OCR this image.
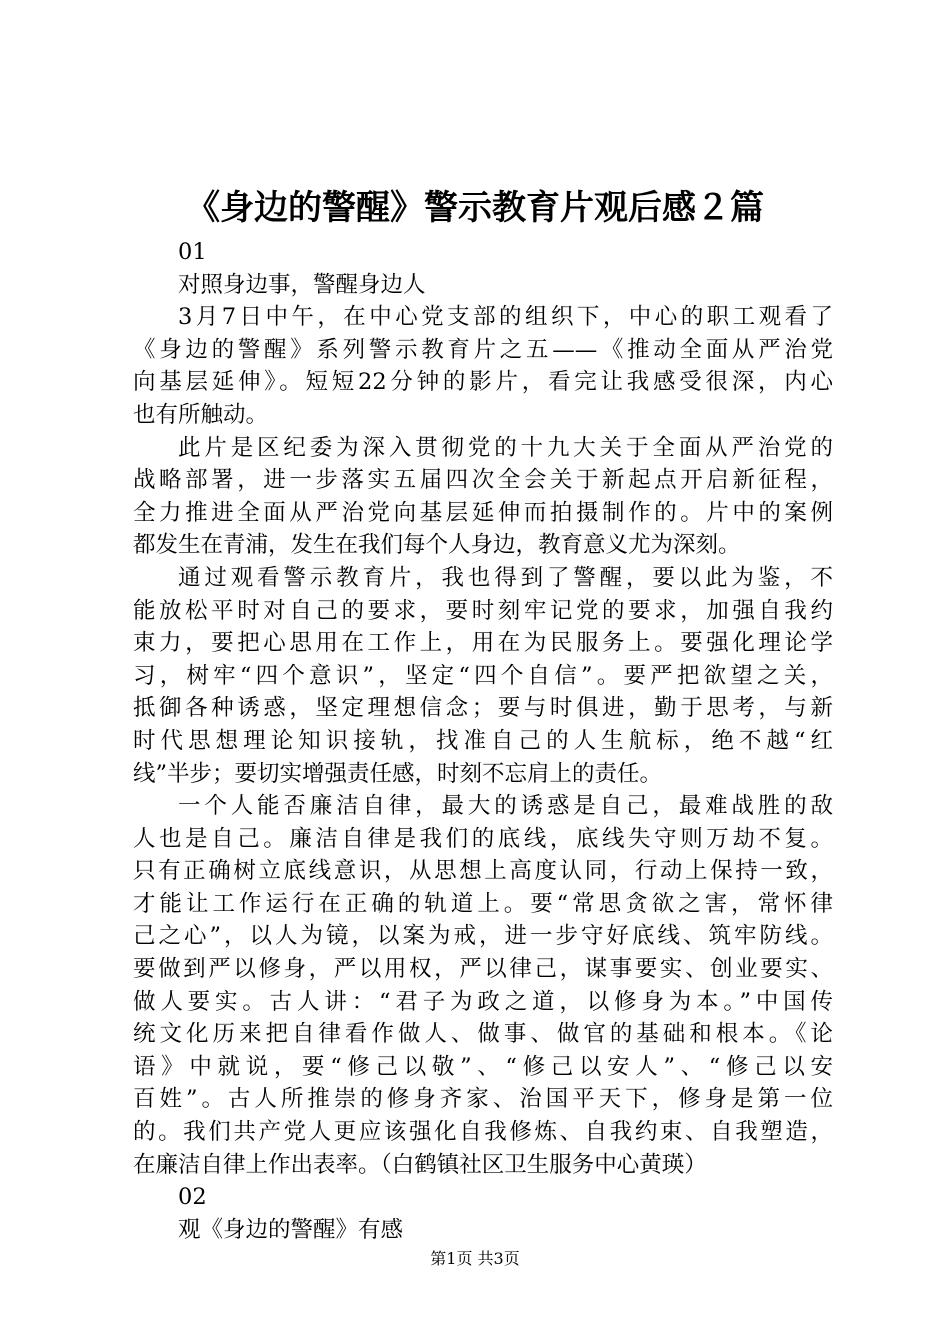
《身边的警醒》警示教育片观后感２篇
01
对照身边事，警醒身边人
3月7日中午，在中心党支部的组织下，中心的职工观看了
《身边的警醒》系列警示教育片之五——《推动全面从严治党
向基层延伸》。短短22分钟的影片，看完让我感受很深，内心
也有所触动。
此片是区纪委为深入贯彻党的十九大关于全面从严治党的
战略部署，进一步落实五届四次全会关于新起点开启新征程，
全力推进全面从严治党向基层延伸而拍摄制作的。片中的案例
都发生在青浦，发生在我们每个人身边，教育意义尤为深刻。
通过观看警示教育片，我也得到了警醒，要以此为鉴，不
能放松平时对自己的要求，要时刻牢记党的要求，加强自我约
束力，要把心思用在工作上，用在为民服务上。要强化理论学
习，树牢“四个意识”，坚定“四个自信”。要严把欲望之关，
抵御各种诱惑，坚定理想信念；要与时俱进，勤于思考，与新
时代思想理论知识接轨，找准自己的人生航标，绝不越“红
线”半步；要切实增强责任感，时刻不忘肩上的责任。
一个人能否廉洁自律，最大的诱惑是自己，最难战胜的敌
人也是自己。廉洁自律是我们的底线，底线失守则万劫不复。
只有正确树立底线意识，从思想上高度认同，行动上保持一致，
才能让工作运行在正确的轨道上。要“常思贪欲之害，常怀律
己之心”，以人为镜，以案为戒，进一步守好底线、筑牢防线。
要做到严以修身，严以用权，严以律己，谋事要实、创业要实、
做人要实。古人讲：“君子为政之道，以修身为本。”中国传
统文化历来把自律看作做人、做事、做官的基础和根本。《论
语》中就说，要“修己以敬”、“修己以安人”、“修己以安
百姓”。古人所推崇的修身齐家、治国平天下，修身是第一位
的。我们共产党人更应该强化自我修炼、自我约束、自我塑造，
在廉洁自律上作出表率。（白鹤镇社区卫生服务中心黄瑛）
02
观《身边的警醒》有感
第1页 共3页
